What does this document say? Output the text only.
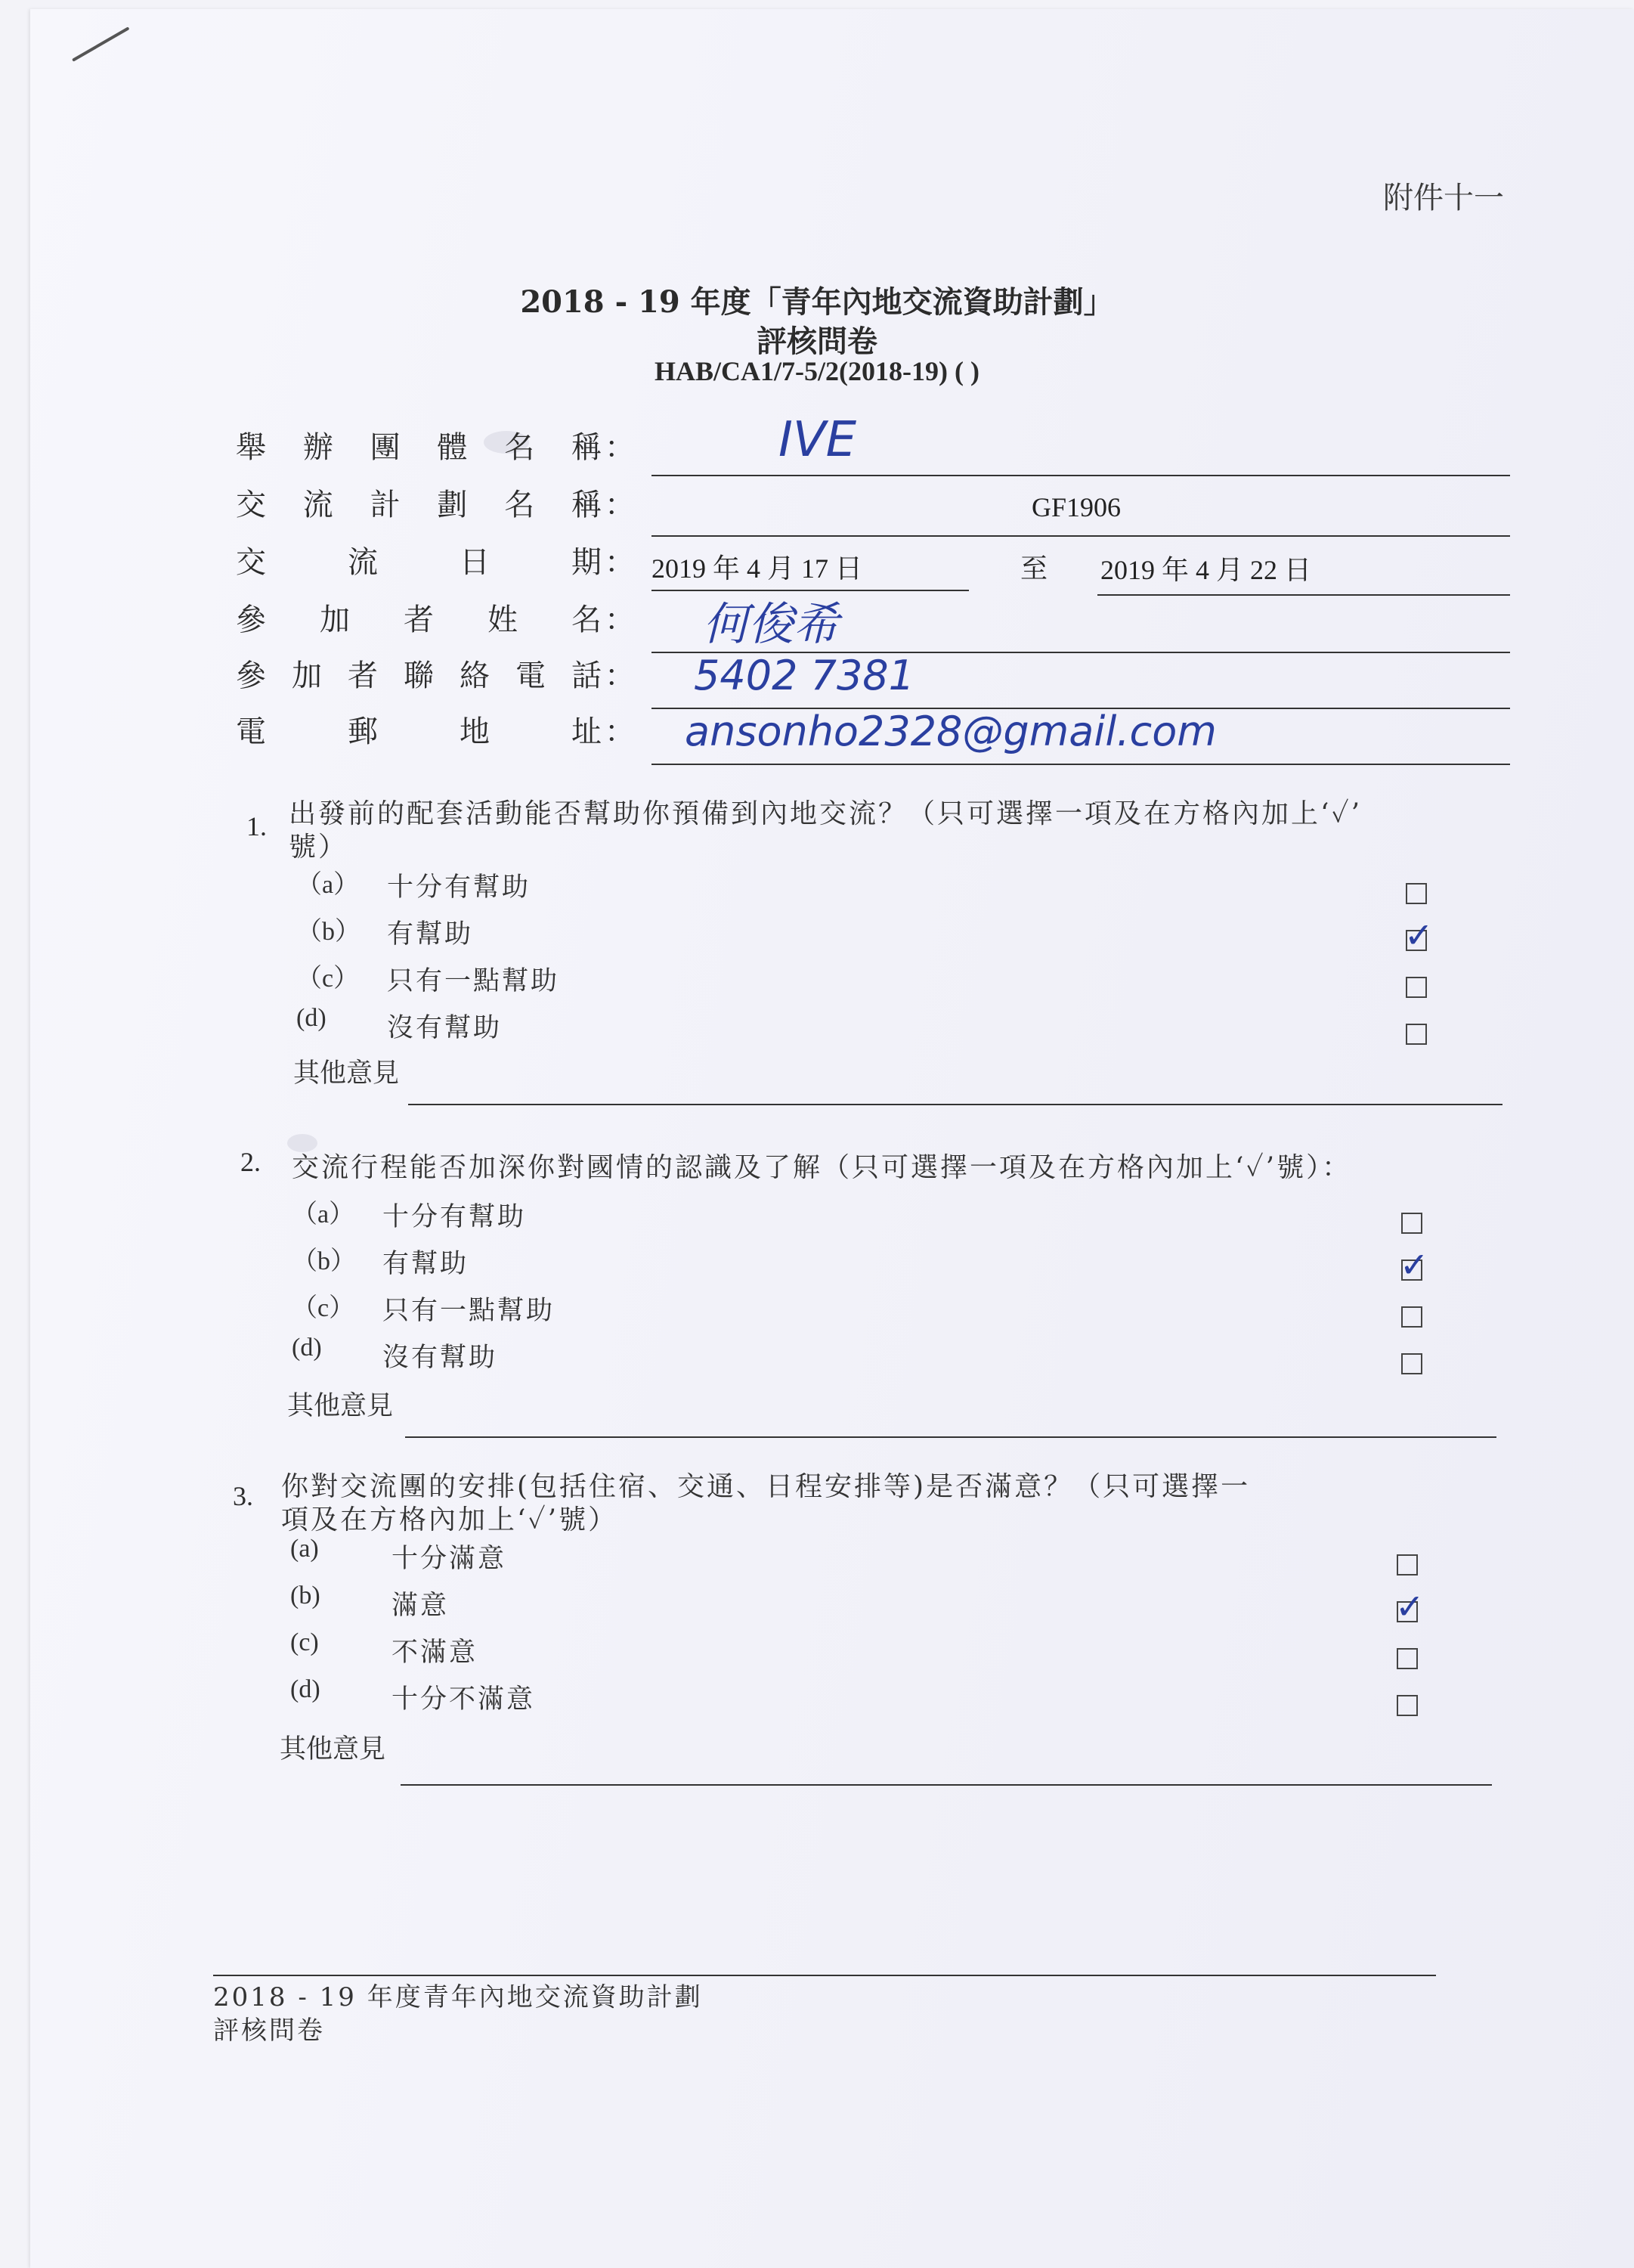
附件十一
2018 - 19 年度「青年內地交流資助計劃」
評核問卷
HAB/CA1/7-5/2(2018-19) ( )
舉 辦 團 體 名 稱 ：	IVE
交 流 計 劃 名 稱 ：	GF1906
交	流	日	期 ： 2019 年 4 月 17 日	至 2019 年 4 月 22 日
參 加 者 姓 名 ： 何俊希
參 加 者 聯 絡 電 話 ： 5402 7381
電	郵	地	址 ： ansonho2328@gmail.com
1. 出發前的配套活動能否幫助你預備到內地交流？（只可選擇一項及在方格內加上‘✓’
號）
（a） 十分有幫助
（b） 有幫助	✓
（c） 只有一點幫助
(d) 沒有幫助
其他意見
2. 交流行程能否加深你對國情的認識及了解（只可選擇一項及在方格內加上‘✓’號）：
（a） 十分有幫助
（b） 有幫助	✓
（c） 只有一點幫助
(d) 沒有幫助
其他意見
3. 你對交流團的安排(包括住宿、交通、日程安排等)是否滿意？（只可選擇一
項及在方格內加上‘✓’號）
(a)	十分滿意
(b)	滿意	✓
(c)	不滿意
(d)	十分不滿意
其他意見
2018 - 19 年度青年內地交流資助計劃
評核問卷
